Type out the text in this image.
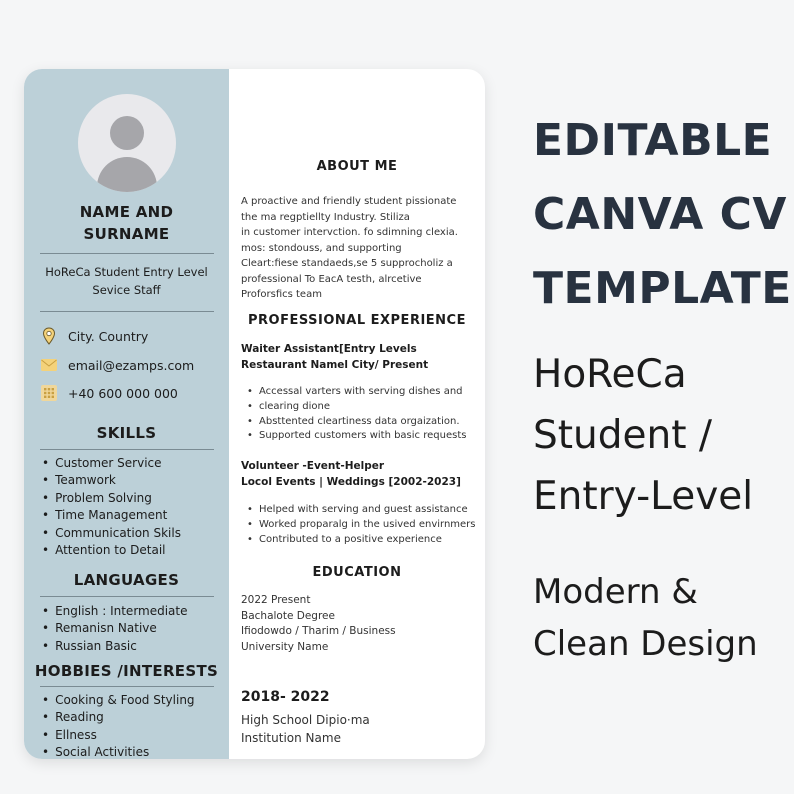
NAME AND
SURNAME
HoReCa Student Entry Level
Sevice Staff
City. Country
email@ezamps.com
+40 600 000 000
SKILLS
• Customer Service
• Teamwork
• Problem Solving
• Time Management
• Communication Skils
• Attention to Detail
LANGUAGES
• English : Intermediate
• Remanisn Native
• Russian Basic
HOBBIES /INTERESTS
• Cooking & Food Styling
• Reading
• Ellness
• Social Activities
ABOUT ME
A proactive and friendly student pissionate
the ma regptiellty Industry. Stiliza
in customer intervction. fo sdimning clexia.
mos: stondouss, and supporting
Cleart:fiese standaeds,se 5 supprocholiz a
professional To EacA testh, alrcetive
Proforsfics team
PROFESSIONAL EXPERIENCE
Waiter Assistant[Entry Levels
Restaurant Namel City/ Present
• Accessal varters with serving dishes and
• clearing dione
• Absttented cleartiness data orgaization.
• Supported customers with basic requests
Volunteer -Event-Helper
Locol Events | Weddings [2002-2023]
• Helped with serving and guest assistance
• Worked proparalg in the usived envirnmers
• Contributed to a positive experience
EDUCATION
2022 Present
Bachalote Degree
Ifiodowdo / Tharim / Business
University Name
2018- 2022
High School Dipio·ma
Institution Name
EDITABLE
CANVA CV
TEMPLATE
HoReCa
Student /
Entry-Level
Modern &
Clean Design
